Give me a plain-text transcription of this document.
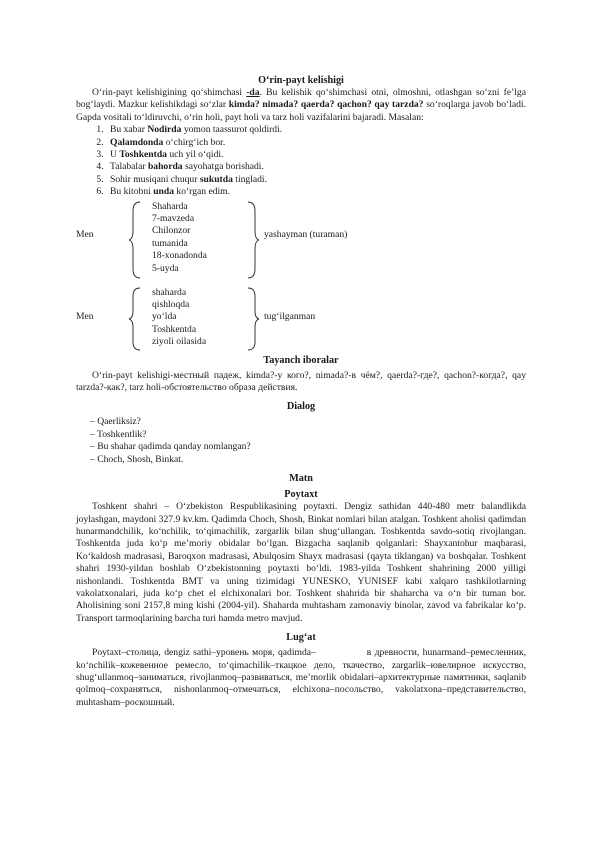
O‘rin-payt kelishigi

O‘rin-payt kelishigining qo‘shimchasi -da. Bu kelishik qo‘shimchasi otni, olmoshni, otlashgan so‘zni fe’lga bog‘laydi. Mazkur kelishikdagi so‘zlar kimda? nimada? qaerda? qachon? qay tarzda? so‘roqlarga javob bo‘ladi. Gapda vositali to‘ldiruvchi, o‘rin holi, payt holi va tarz holi vazifalarini bajaradi. Masalan:

1. Bu xabar Nodirda yomon taassurot qoldirdi.
2. Qalamdonda o‘chirg‘ich bor.
3. U Toshkentda uch yil o‘qidi.
4. Talabalar bahorda sayohatga borishadi.
5. Sohir musiqani chuqur sukutda tingladi.
6. Bu kitobni unda ko‘rgan edim.
Men
Shaharda
7-mavzeda
Chilonzor
tumanida
18-xonadonda
5-uyda
yashayman (turaman)
Men
shaharda
qishloqda
yo‘lda
Toshkentda
ziyoli oilasida
tug‘ilganman
Tayanch iboralar

O‘rin-payt kelishigi-местный падеж, kimda?-у кого?, nimada?-в чём?, qaerda?-где?, qachon?-когда?, qay tarzda?-как?, tarz holi-обстоятельство образа действия.

Dialog
– Qaerliksiz?
– Toshkentlik?
– Bu shahar qadimda qanday nomlangan?
– Choch, Shosh, Binkat.
Matn
Poytaxt

Toshkent shahri – O‘zbekiston Respublikasining poytaxti. Dengiz sathidan 440-480 metr balandlikda joylashgan, maydoni 327.9 kv.km. Qadimda Choch, Shosh, Binkat nomlari bilan atalgan. Toshkent aholisi qadimdan hunarmandchilik, ko‘nchilik, to‘qimachilik, zargarlik bilan shug‘ullangan. Toshkentda savdo-sotiq rivojlangan. Toshkentda juda ko‘p me’moriy obidalar bo‘lgan. Bizgacha saqlanib qolganlari: Shayxantohur maqbarasi, Ko‘kaldosh madrasasi, Baroqxon madrasasi, Abulqosim Shayx madrasasi (qayta tiklangan) va boshqalar. Toshkent shahri 1930-yildan boshlab O‘zbekistonning poytaxti bo‘ldi. 1983-yilda Toshkent shahrining 2000 yilligi nishonlandi. Toshkentda BMT va uning tizimidagi YUNESKO, YUNISEF kabi xalqaro tashkilotlarning vakolatxonalari, juda ko‘p chet el elchixonalari bor. Toshkent shahrida bir shaharcha va o‘n bir tuman bor. Aholisining soni 2157,8 ming kishi (2004-yil). Shaharda muhtasham zamonaviy binolar, zavod va fabrikalar ko‘p. Transport tarmoqlarining barcha turi hamda metro mavjud.

Lug‘at

Poytaxt–столица, dengiz sathi–уровень моря, qadimda–               в древности, hunarmand–ремесленник, ko‘nchilik–кожевенное ремесло, to‘qimachilik–ткацкое дело, ткачество, zargarlik–ювелирное искусство, shug‘ullanmoq–заниматься, rivojlanmoq–развиваться, me’morlik obidalari–архитектурные памятники, saqlanib qolmoq–сохраняться, nishonlanmoq–отмечаться, elchixona–посольство, vakolatxona–представительство, muhtasham–роскошный.
